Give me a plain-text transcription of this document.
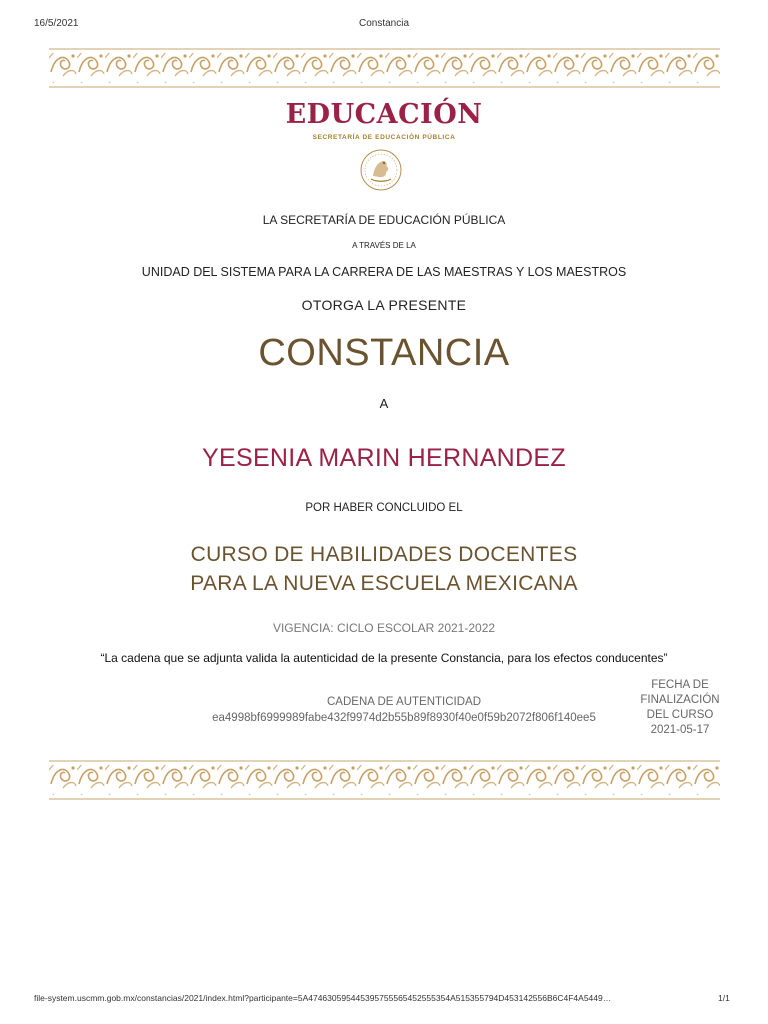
16/5/2021	Constancia
EDUCACIÓN
SECRETARÍA DE EDUCACIÓN PÚBLICA
LA SECRETARÍA DE EDUCACIÓN PÚBLICA
A TRAVÉS DE LA
UNIDAD DEL SISTEMA PARA LA CARRERA DE LAS MAESTRAS Y LOS MAESTROS
OTORGA LA PRESENTE
CONSTANCIA
A
YESENIA MARIN HERNANDEZ
POR HABER CONCLUIDO EL
CURSO DE HABILIDADES DOCENTES
PARA LA NUEVA ESCUELA MEXICANA
VIGENCIA: CICLO ESCOLAR 2021-2022
“La cadena que se adjunta valida la autenticidad de la presente Constancia, para los efectos conducentes”
CADENA DE AUTENTICIDAD
ea4998bf6999989fabe432f9974d2b55b89f8930f40e0f59b2072f806f140ee5
FECHA DE
FINALIZACIÓN
DEL CURSO
2021-05-17
file-system.uscmm.gob.mx/constancias/2021/index.html?participante=5A474630595445395755565452555354A515355794D453142556B6C4F4A5449…	1/1
